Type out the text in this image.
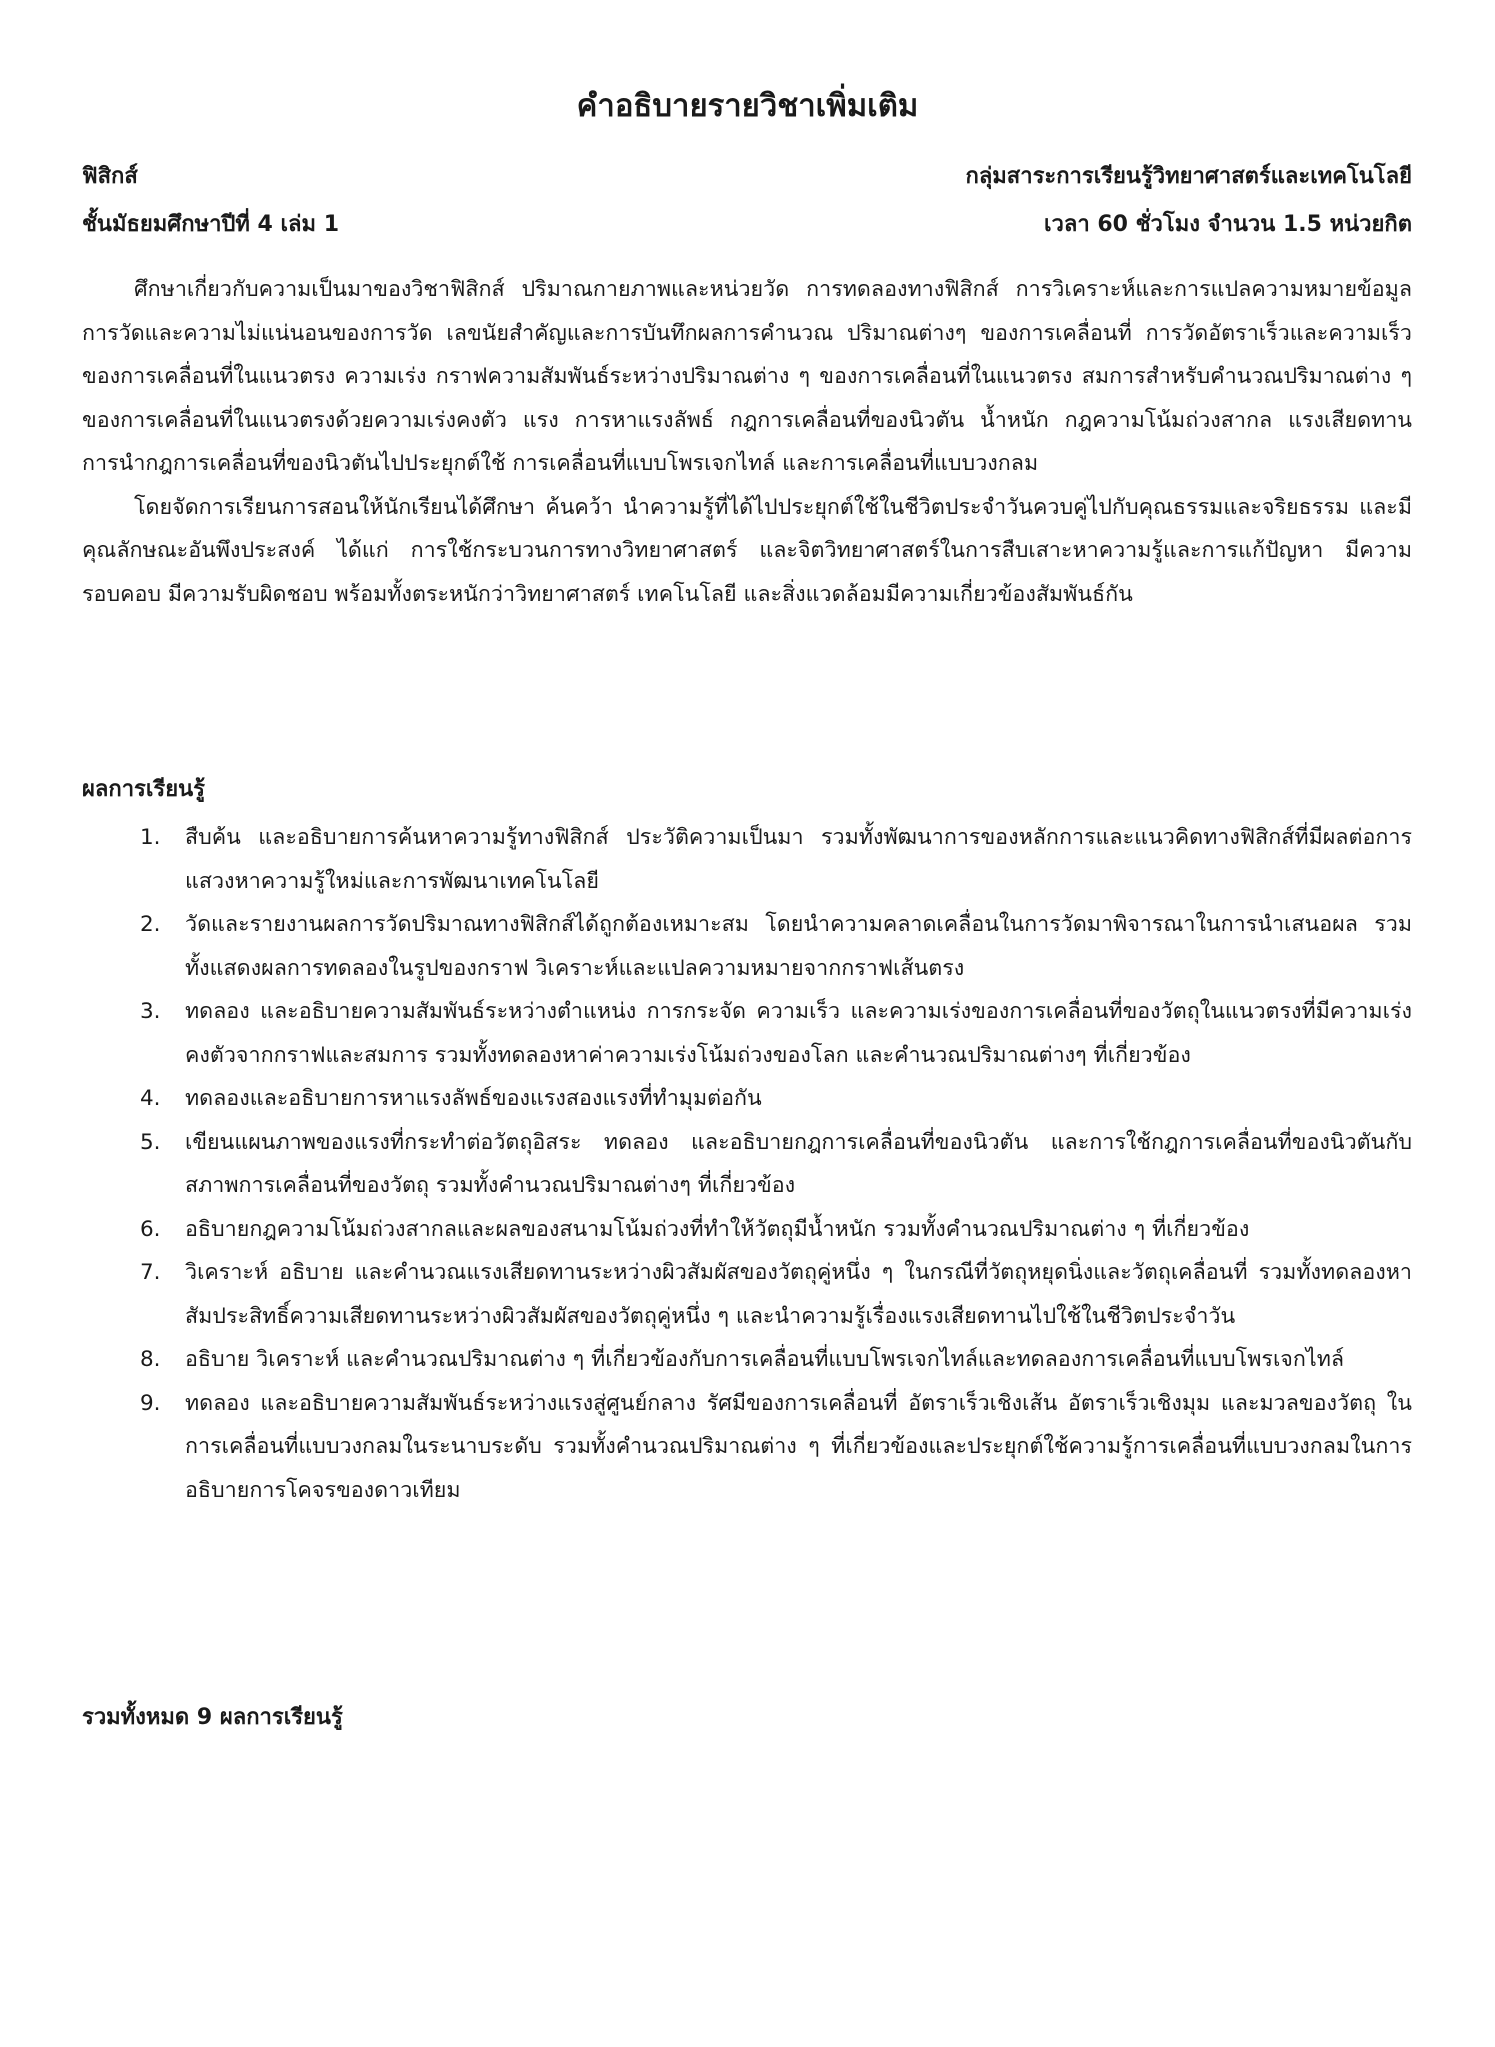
คำอธิบายรายวิชาเพิ่มเติม
ฟิสิกส์	กลุ่มสาระการเรียนรู้วิทยาศาสตร์และเทคโนโลยี
ชั้นมัธยมศึกษาปีที่ 4 เล่ม 1	เวลา 60 ชั่วโมง จำนวน 1.5 หน่วยกิต

ศึกษาเกี่ยวกับความเป็นมาของวิชาฟิสิกส์ ปริมาณกายภาพและหน่วยวัด การทดลองทางฟิสิกส์ การวิเคราะห์และการแปลความหมายข้อมูล การวัดและความไม่แน่นอนของการวัด เลขนัยสำคัญและการบันทึกผลการคำนวณ ปริมาณต่างๆ ของการเคลื่อนที่ การวัดอัตราเร็วและความเร็วของการเคลื่อนที่ในแนวตรง ความเร่ง กราฟความสัมพันธ์ระหว่างปริมาณต่าง ๆ ของการเคลื่อนที่ในแนวตรง สมการสำหรับคำนวณปริมาณต่าง ๆ ของการเคลื่อนที่ในแนวตรงด้วยความเร่งคงตัว แรง การหาแรงลัพธ์ กฎการเคลื่อนที่ของนิวตัน น้ำหนัก กฎความโน้มถ่วงสากล แรงเสียดทาน การนำกฎการเคลื่อนที่ของนิวตันไปประยุกต์ใช้ การเคลื่อนที่แบบโพรเจกไทล์ และการเคลื่อนที่แบบวงกลม

โดยจัดการเรียนการสอนให้นักเรียนได้ศึกษา ค้นคว้า นำความรู้ที่ได้ไปประยุกต์ใช้ในชีวิตประจำวันควบคู่ไปกับคุณธรรมและจริยธรรม และมีคุณลักษณะอันพึงประสงค์ ได้แก่ การใช้กระบวนการทางวิทยาศาสตร์ และจิตวิทยาศาสตร์ในการสืบเสาะหาความรู้และการแก้ปัญหา มีความรอบคอบ มีความรับผิดชอบ พร้อมทั้งตระหนักว่าวิทยาศาสตร์ เทคโนโลยี และสิ่งแวดล้อมมีความเกี่ยวข้องสัมพันธ์กัน

ผลการเรียนรู้
1. สืบค้น และอธิบายการค้นหาความรู้ทางฟิสิกส์ ประวัติความเป็นมา รวมทั้งพัฒนาการของหลักการและแนวคิดทางฟิสิกส์ที่มีผลต่อการแสวงหาความรู้ใหม่และการพัฒนาเทคโนโลยี
2. วัดและรายงานผลการวัดปริมาณทางฟิสิกส์ได้ถูกต้องเหมาะสม โดยนำความคลาดเคลื่อนในการวัดมาพิจารณาในการนำเสนอผล รวมทั้งแสดงผลการทดลองในรูปของกราฟ วิเคราะห์และแปลความหมายจากกราฟเส้นตรง
3. ทดลอง และอธิบายความสัมพันธ์ระหว่างตำแหน่ง การกระจัด ความเร็ว และความเร่งของการเคลื่อนที่ของวัตถุในแนวตรงที่มีความเร่งคงตัวจากกราฟและสมการ รวมทั้งทดลองหาค่าความเร่งโน้มถ่วงของโลก และคำนวณปริมาณต่างๆ ที่เกี่ยวข้อง
4. ทดลองและอธิบายการหาแรงลัพธ์ของแรงสองแรงที่ทำมุมต่อกัน
5. เขียนแผนภาพของแรงที่กระทำต่อวัตถุอิสระ ทดลอง และอธิบายกฎการเคลื่อนที่ของนิวตัน และการใช้กฎการเคลื่อนที่ของนิวตันกับสภาพการเคลื่อนที่ของวัตถุ รวมทั้งคำนวณปริมาณต่างๆ ที่เกี่ยวข้อง
6. อธิบายกฎความโน้มถ่วงสากลและผลของสนามโน้มถ่วงที่ทำให้วัตถุมีน้ำหนัก รวมทั้งคำนวณปริมาณต่าง ๆ ที่เกี่ยวข้อง
7. วิเคราะห์ อธิบาย และคำนวณแรงเสียดทานระหว่างผิวสัมผัสของวัตถุคู่หนึ่ง ๆ ในกรณีที่วัตถุหยุดนิ่งและวัตถุเคลื่อนที่ รวมทั้งทดลองหาสัมประสิทธิ์ความเสียดทานระหว่างผิวสัมผัสของวัตถุคู่หนึ่ง ๆ และนำความรู้เรื่องแรงเสียดทานไปใช้ในชีวิตประจำวัน
8. อธิบาย วิเคราะห์ และคำนวณปริมาณต่าง ๆ ที่เกี่ยวข้องกับการเคลื่อนที่แบบโพรเจกไทล์และทดลองการเคลื่อนที่แบบโพรเจกไทล์
9. ทดลอง และอธิบายความสัมพันธ์ระหว่างแรงสู่ศูนย์กลาง รัศมีของการเคลื่อนที่ อัตราเร็วเชิงเส้น อัตราเร็วเชิงมุม และมวลของวัตถุ ในการเคลื่อนที่แบบวงกลมในระนาบระดับ รวมทั้งคำนวณปริมาณต่าง ๆ ที่เกี่ยวข้องและประยุกต์ใช้ความรู้การเคลื่อนที่แบบวงกลมในการอธิบายการโคจรของดาวเทียม

รวมทั้งหมด 9 ผลการเรียนรู้
